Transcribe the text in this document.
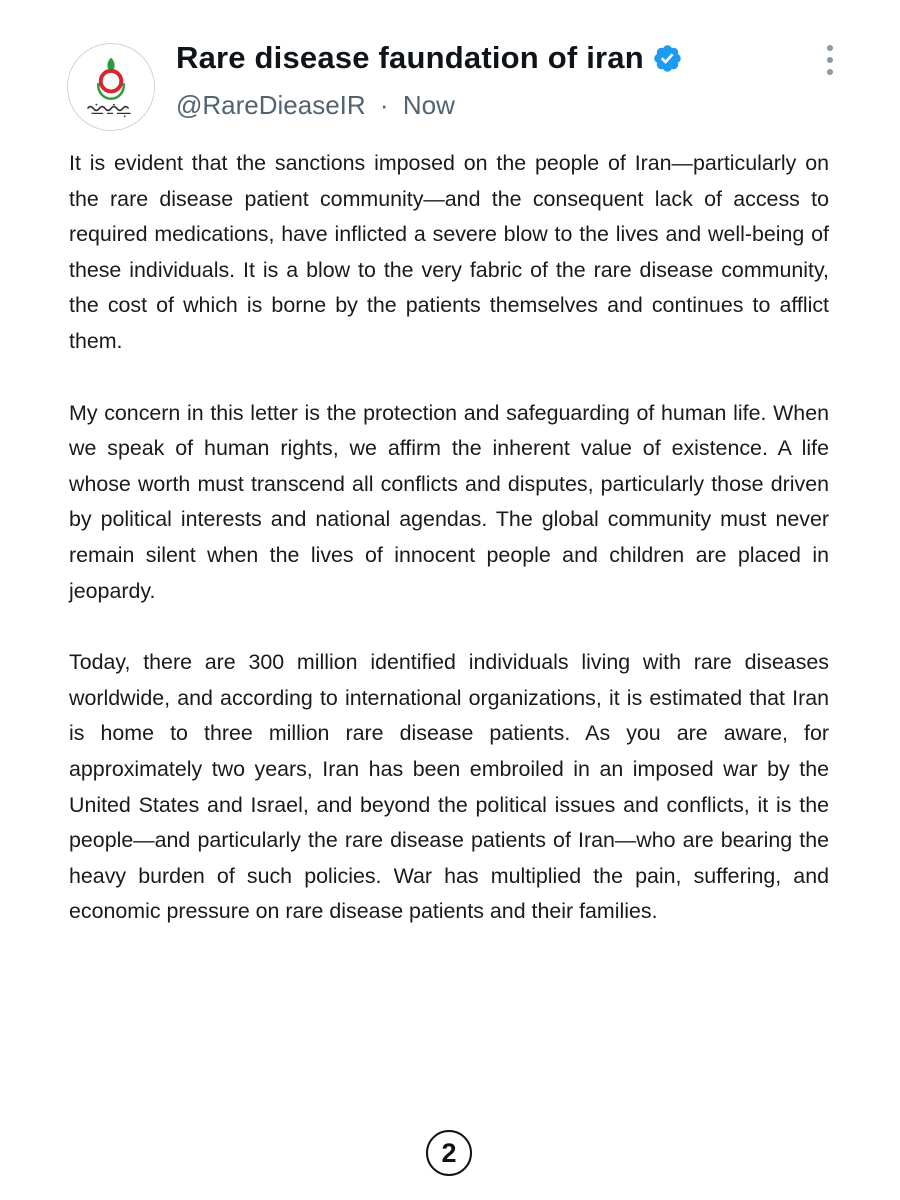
Rare disease faundation of iran
@RareDieaseIR · Now

It is evident that the sanctions imposed on the people of Iran—particularly on the rare disease patient community—and the consequent lack of access to required medications, have inflicted a severe blow to the lives and well-being of these individuals. It is a blow to the very fabric of the rare disease community, the cost of which is borne by the patients themselves and continues to afflict them.

My concern in this letter is the protection and safeguarding of human life. When we speak of human rights, we affirm the inherent value of existence. A life whose worth must transcend all conflicts and disputes, particularly those driven by political interests and national agendas. The global community must never remain silent when the lives of innocent people and children are placed in jeopardy.

Today, there are 300 million identified individuals living with rare diseases worldwide, and according to international organizations, it is estimated that Iran is home to three million rare disease patients. As you are aware, for approximately two years, Iran has been embroiled in an imposed war by the United States and Israel, and beyond the political issues and conflicts, it is the people—and particularly the rare disease patients of Iran—who are bearing the heavy burden of such policies. War has multiplied the pain, suffering, and economic pressure on rare disease patients and their families.

2
